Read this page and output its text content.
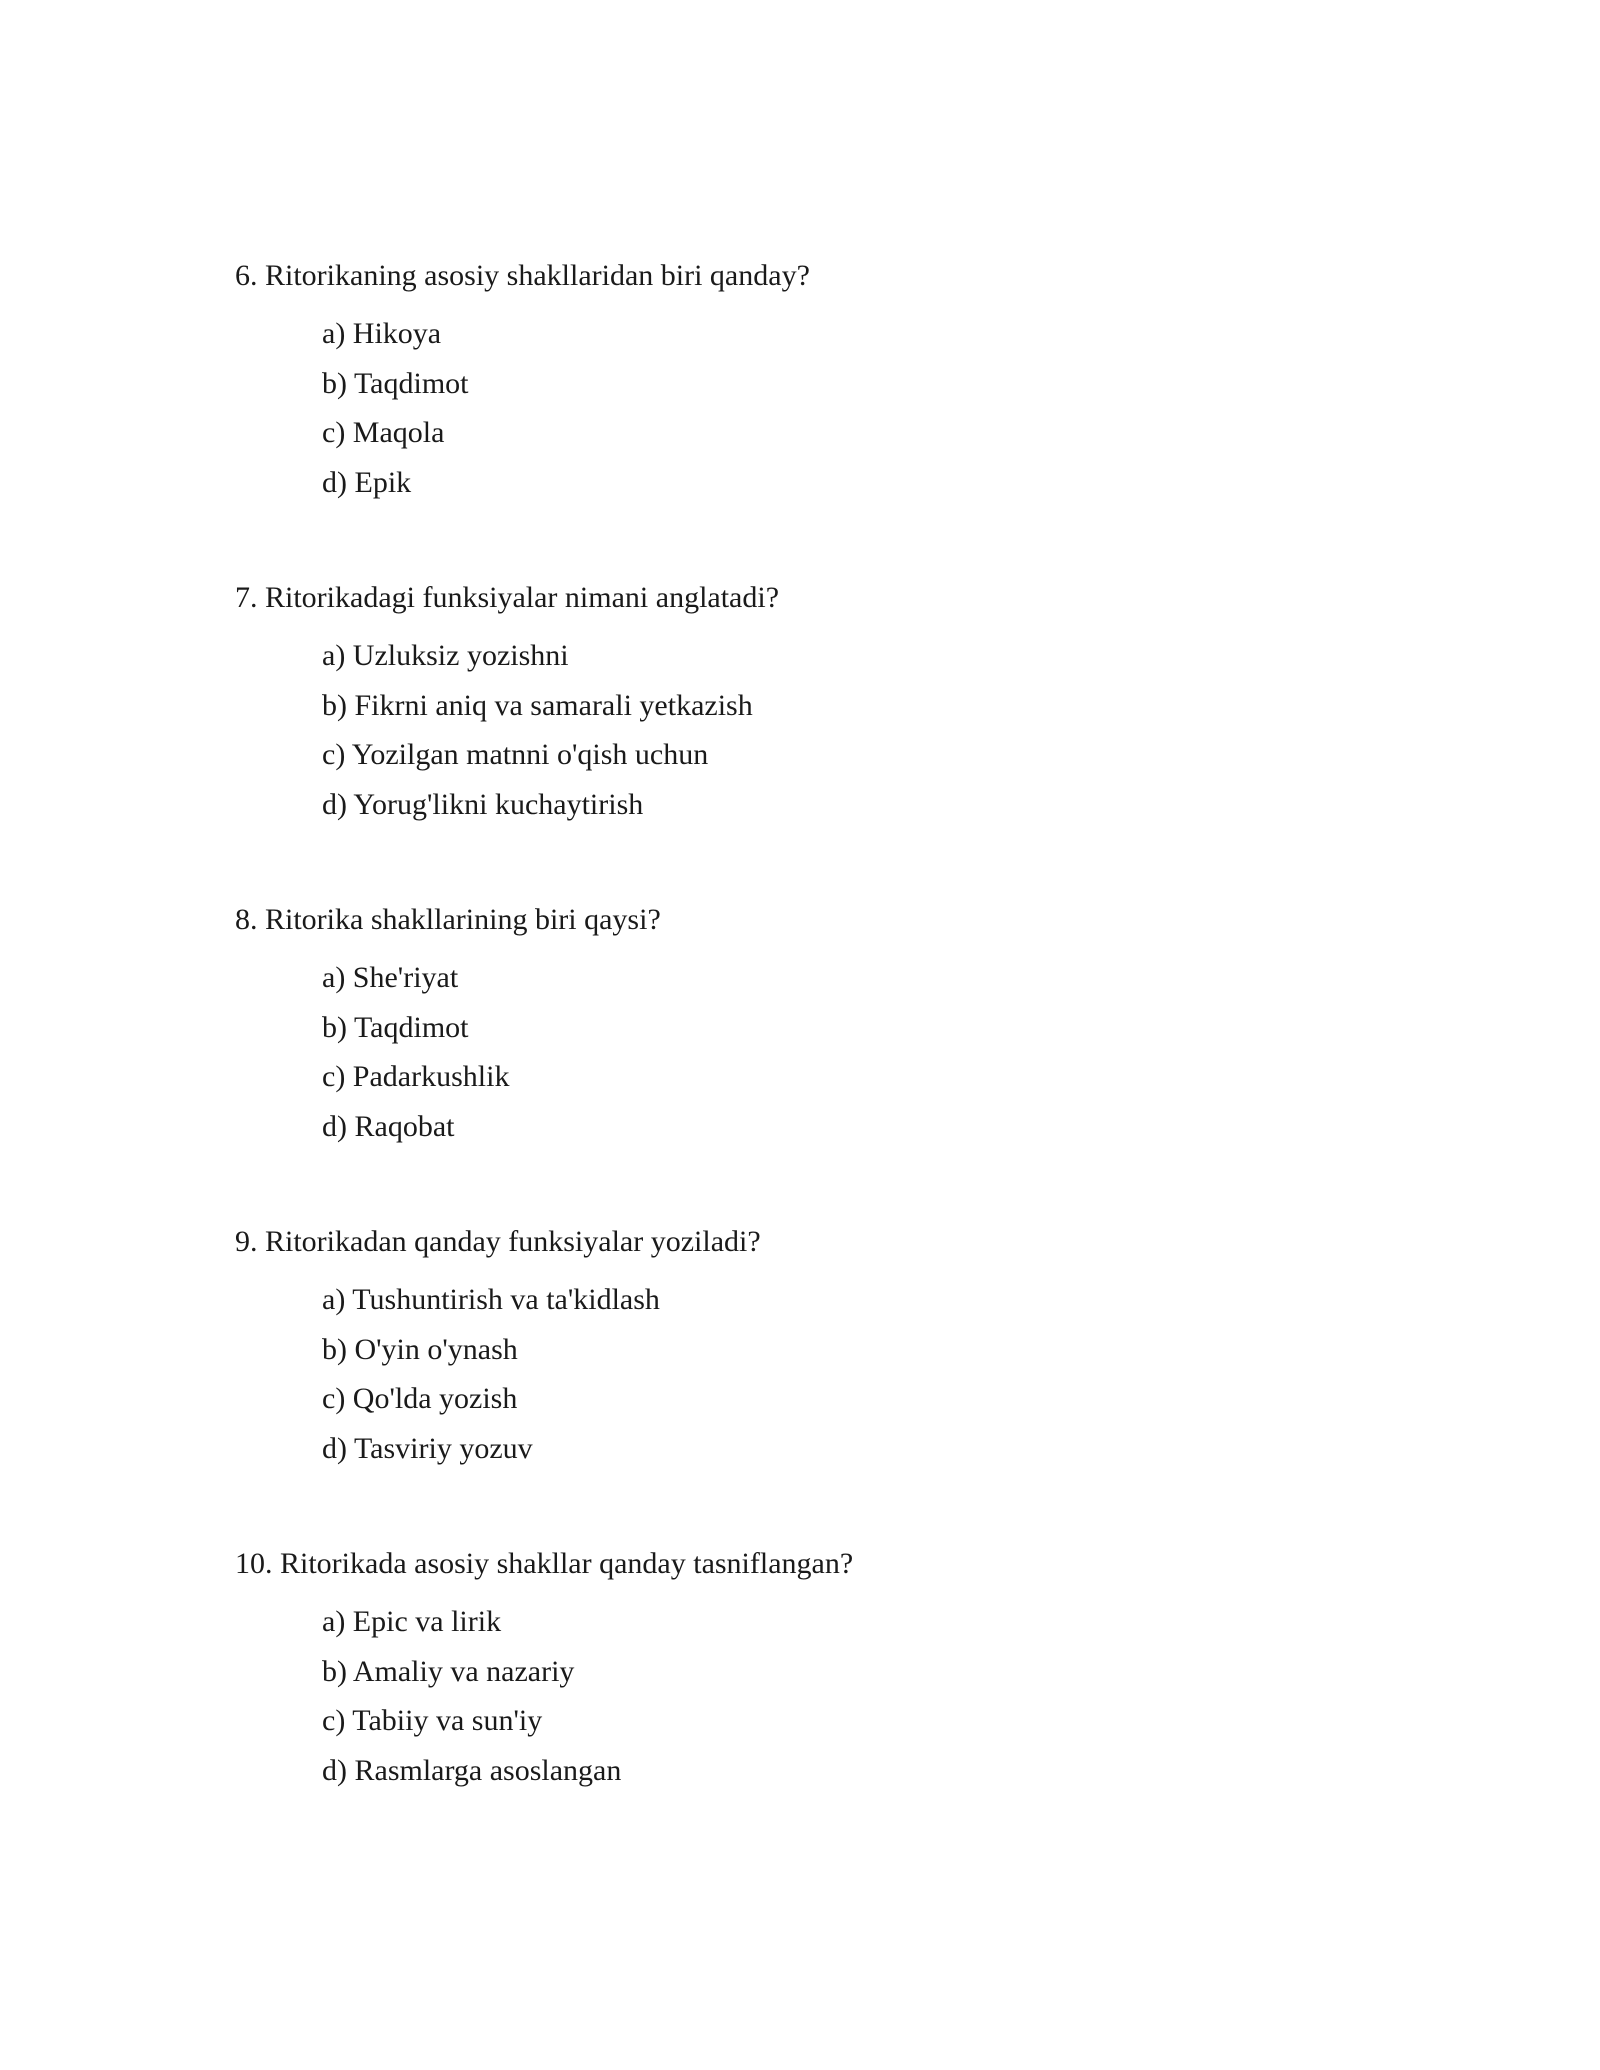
6. Ritorikaning asosiy shakllaridan biri qanday?

a) Hikoya
b) Taqdimot
c) Maqola
d) Epik

7. Ritorikadagi funksiyalar nimani anglatadi?

a) Uzluksiz yozishni
b) Fikrni aniq va samarali yetkazish
c) Yozilgan matnni o'qish uchun
d) Yorug'likni kuchaytirish

8. Ritorika shakllarining biri qaysi?

a) She'riyat
b) Taqdimot
c) Padarkushlik
d) Raqobat

9. Ritorikadan qanday funksiyalar yoziladi?

a) Tushuntirish va ta'kidlash
b) O'yin o'ynash
c) Qo'lda yozish
d) Tasviriy yozuv

10. Ritorikada asosiy shakllar qanday tasniflangan?

a) Epic va lirik
b) Amaliy va nazariy
c) Tabiiy va sun'iy
d) Rasmlarga asoslangan
